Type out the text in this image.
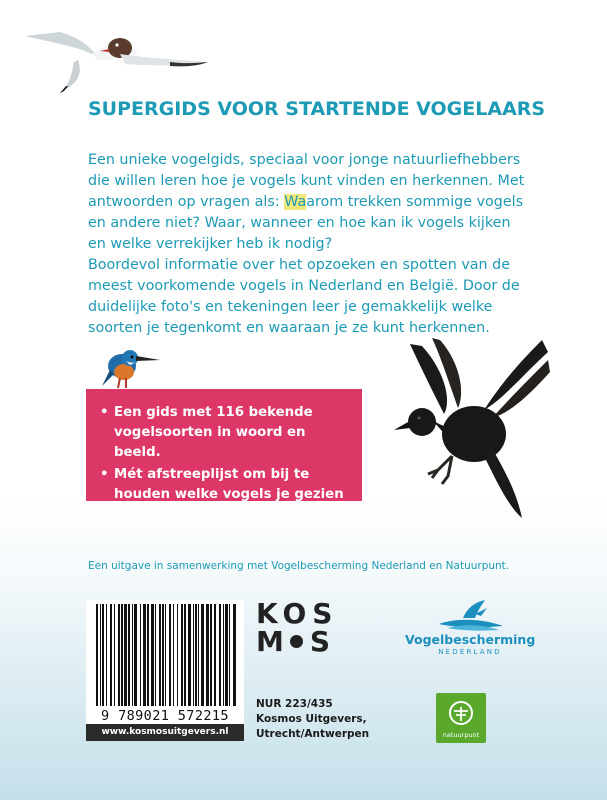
SUPERGIDS VOOR STARTENDE VOGELAARS

Een unieke vogelgids, speciaal voor jonge natuurliefhebbers die willen leren hoe je vogels kunt vinden en herkennen. Met antwoorden op vragen als: Waarom trekken sommige vogels en andere niet? Waar, wanneer en hoe kan ik vogels kijken en welke verrekijker heb ik nodig?

Boordevol informatie over het opzoeken en spotten van de meest voorkomende vogels in Nederland en België. Door de duidelijke foto's en tekeningen leer je gemakkelijk welke soorten je tegenkomt en waaraan je ze kunt herkennen.

• Een gids met 116 bekende vogelsoorten in woord en beeld.
• Mét afstreeplijst om bij te houden welke vogels je gezien hebt.
Een uitgave in samenwerking met Vogelbescherming Nederland en Natuurpunt.
9 789021 572215
www.kosmosuitgevers.nl
KOS
M S	Vogelbescherming
NEDERLAND
NUR 223/435
Kosmos Uitgevers,
Utrecht/Antwerpen	natuurpunt
